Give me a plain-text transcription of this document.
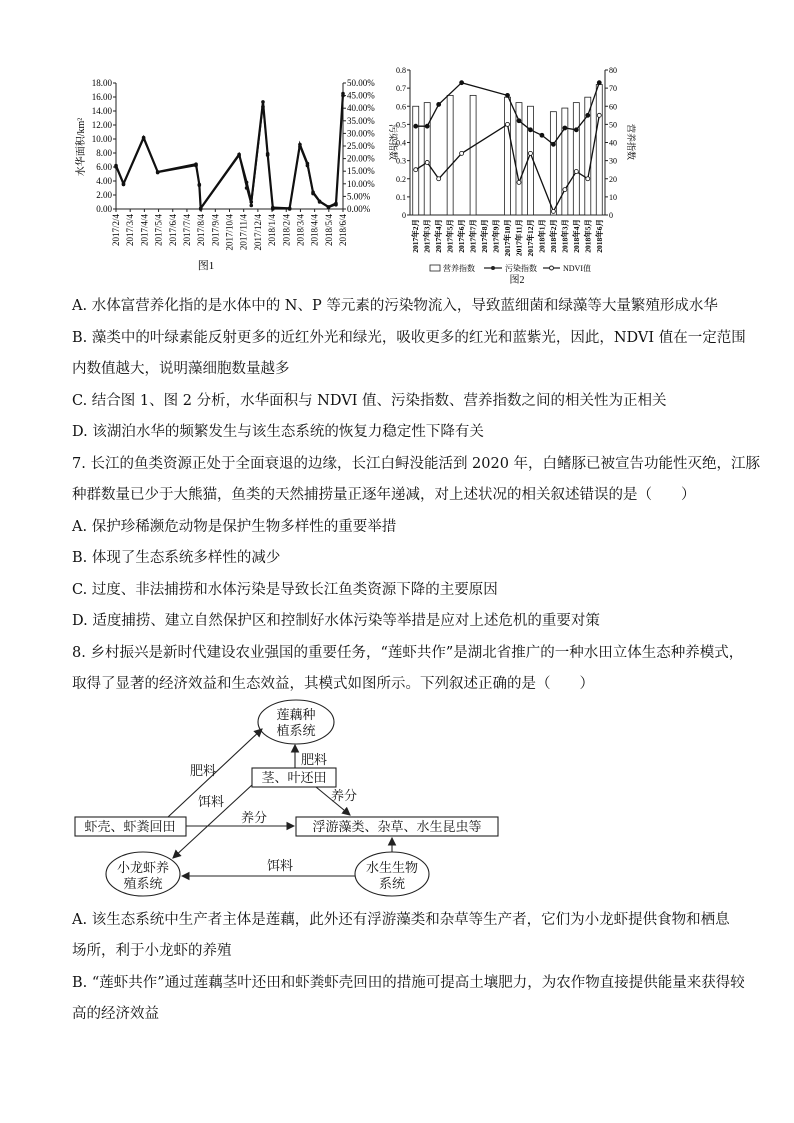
0.00
2.00
4.00
6.00
8.00
10.00
12.00
14.00
16.00
18.00
0.00%
5.00%
10.00%
15.00%
20.00%
25.00%
30.00%
35.00%
40.00%
45.00%
50.00%
2017/2/4 2017/3/4 2017/4/4 2017/5/4 2017/6/4 2017/7/4 2017/8/4 2017/9/4 2017/10/4 2017/11/4 2017/12/4 2018/1/4 2018/2/4 2018/3/4 2018/4/4 2018/5/4 2018/6/4
水华面积/km²
图1
0
0.1
0.2
0.3
0.4
0.5
0.6
0.7
0.8
0
10
20
30
40
50
60
70
80
污染指数	营养指数
2017年2月 2017年3月 2017年4月 2017年5月 2017年6月 2017年7月 2017年8月 2017年9月 2017年10月 2017年11月 2017年12月 2018年1月 2018年2月 2018年3月 2018年4月 2018年5月 2018年6月
营养指数	污染指数	NDVI值
图2
A. 水体富营养化指的是水体中的 N、P 等元素的污染物流入，导致蓝细菌和绿藻等大量繁殖形成水华
B. 藻类中的叶绿素能反射更多的近红外光和绿光，吸收更多的红光和蓝紫光，因此，NDVI 值在一定范围
内数值越大，说明藻细胞数量越多
C. 结合图 1、图 2 分析，水华面积与 NDVI 值、污染指数、营养指数之间的相关性为正相关
D. 该湖泊水华的频繁发生与该生态系统的恢复力稳定性下降有关
7. 长江的鱼类资源正处于全面衰退的边缘，长江白鲟没能活到 2020 年，白鳍豚已被宣告功能性灭绝，江豚
种群数量已少于大熊猫，鱼类的天然捕捞量正逐年递减，对上述状况的相关叙述错误的是（　　）
A. 保护珍稀濒危动物是保护生物多样性的重要举措
B. 体现了生态系统多样性的减少
C. 过度、非法捕捞和水体污染是导致长江鱼类资源下降的主要原因
D. 适度捕捞、建立自然保护区和控制好水体污染等举措是应对上述危机的重要对策
8. 乡村振兴是新时代建设农业强国的重要任务，“莲虾共作”是湖北省推广的一种水田立体生态种养模式，
取得了显著的经济效益和生态效益，其模式如图所示。下列叙述正确的是（　　）
莲藕种
植系统
茎、叶还田
虾壳、虾粪回田	浮游藻类、杂草、水生昆虫等
小龙虾养
殖系统
水生生物
系统
肥料
肥料
饵料	养分
养分
饵料
A. 该生态系统中生产者主体是莲藕，此外还有浮游藻类和杂草等生产者，它们为小龙虾提供食物和栖息
场所，利于小龙虾的养殖
B. “莲虾共作”通过莲藕茎叶还田和虾粪虾壳回田的措施可提高土壤肥力，为农作物直接提供能量来获得较
高的经济效益
